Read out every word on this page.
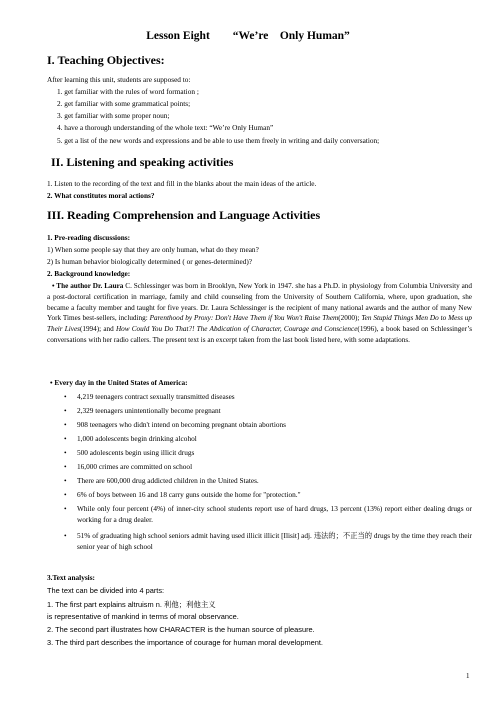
Lesson Eight        “We’re    Only Human”
I. Teaching Objectives:
After learning this unit, students are supposed to:
1. get familiar with the rules of word formation ;
2. get familiar with some grammatical points;
3. get familiar with some proper noun;
4. have a thorough understanding of the whole text: “We’re Only Human”
5. get a list of the new words and expressions and be able to use them freely in writing and daily conversation;
II. Listening and speaking activities
1. Listen to the recording of the text and fill in the blanks about the main ideas of the article.
2. What constitutes moral actions?
III. Reading Comprehension and Language Activities
1. Pre-reading discussions:
1) When some people say that they are only human, what do they mean?
2) Is human behavior biologically determined ( or genes-determined)?
2. Background knowledge:
• The author Dr. Laura C. Schlessinger was born in Brooklyn, New York in 1947. she has a Ph.D. in physiology from Columbia University and a post-doctoral certification in marriage, family and child counseling from the University of Southern California, where, upon graduation, she became a faculty member and taught for five years. Dr. Laura Schlessinger is the recipient of many national awards and the author of many New York Times best-sellers, including: Parenthood by Proxy: Don't Have Them if You Won't Raise Them(2000); Ten Stupid Things Men Do to Mess up Their Lives(1994); and How Could You Do That?! The Abdication of Character, Courage and Conscience(1996), a book based on Schlessinger’s conversations with her radio callers. The present text is an excerpt taken from the last book listed here, with some adaptations.
• Every day in the United States of America:
• 4,219 teenagers contract sexually transmitted diseases
• 2,329 teenagers unintentionally become pregnant
• 908 teenagers who didn't intend on becoming pregnant obtain abortions
• 1,000 adolescents begin drinking alcohol
• 500 adolescents begin using illicit drugs
• 16,000 crimes are committed on school
• There are 600,000 drug addicted children in the United States.
• 6% of boys between 16 and 18 carry guns outside the home for "protection."
• While only four percent (4%) of inner-city school students report use of hard drugs, 13 percent (13%) report either dealing drugs or working for a drug dealer.
• 51% of graduating high school seniors admit having used illicit illicit [Ilisit] adj. 违法的；不正当的 drugs by the time they reach their senior year of high school
3.Text analysis:
The text can be divided into 4 parts:
1. The first part explains altruism n. 利他；利他主义
is representative of mankind in terms of moral observance.
2. The second part illustrates how CHARACTER is the human source of pleasure.
3. The third part describes the importance of courage for human moral development.
1
